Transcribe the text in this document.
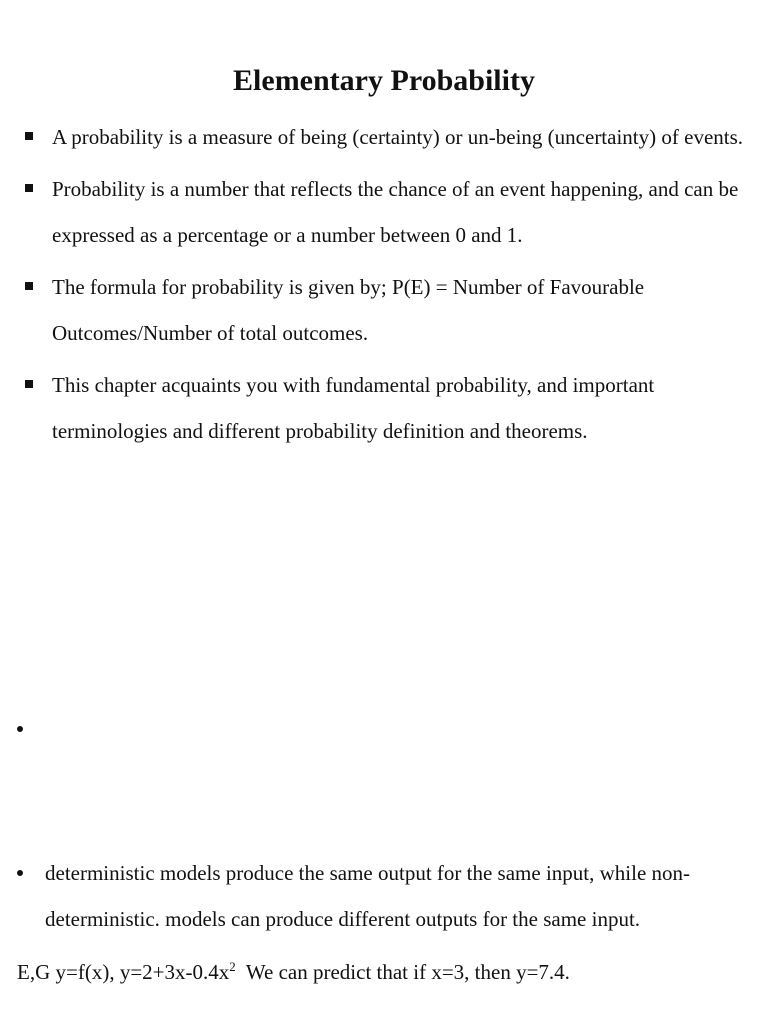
Elementary Probability
A probability is a measure of being (certainty) or un-being (uncertainty) of events.
Probability is a number that reflects the chance of an event happening, and can be expressed as a percentage or a number between 0 and 1.
The formula for probability is given by; P(E) = Number of Favourable Outcomes/Number of total outcomes.
This chapter acquaints you with fundamental probability, and important terminologies and different probability definition and theorems.
deterministic models produce the same output for the same input, while non-deterministic. models can produce different outputs for the same input.
E,G y=f(x), $y=2+3x-0.4x^2$  We can predict that if x=3, then y=7.4.
